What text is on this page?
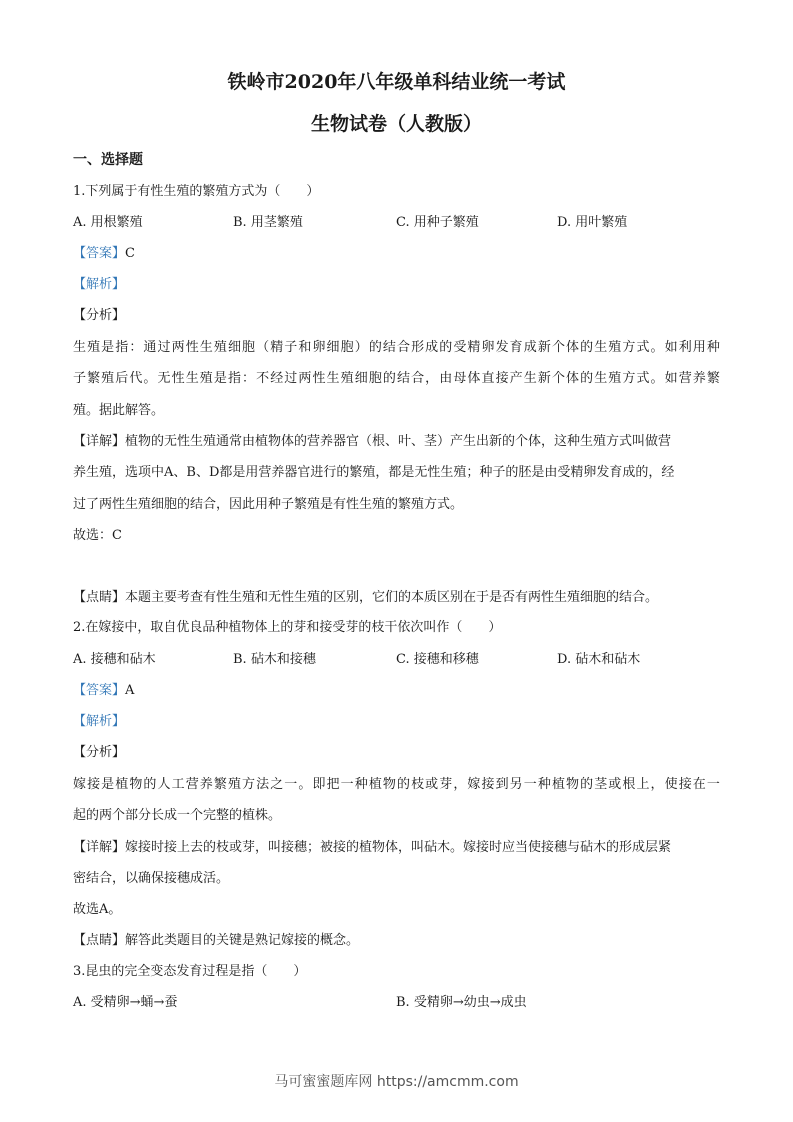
铁岭市2020年八年级单科结业统一考试
生物试卷（人教版）
一、选择题
1.下列属于有性生殖的繁殖方式为（　　）
A. 用根繁殖	B. 用茎繁殖	C. 用种子繁殖	D. 用叶繁殖
【答案】C
【解析】
【分析】
生殖是指：通过两性生殖细胞（精子和卵细胞）的结合形成的受精卵发育成新个体的生殖方式。如利用种
子繁殖后代。无性生殖是指：不经过两性生殖细胞的结合，由母体直接产生新个体的生殖方式。如营养繁
殖。据此解答。
【详解】植物的无性生殖通常由植物体的营养器官（根、叶、茎）产生出新的个体，这种生殖方式叫做营
养生殖，选项中A、B、D都是用营养器官进行的繁殖，都是无性生殖；种子的胚是由受精卵发育成的，经
过了两性生殖细胞的结合，因此用种子繁殖是有性生殖的繁殖方式。
故选：C
【点睛】本题主要考查有性生殖和无性生殖的区别，它们的本质区别在于是否有两性生殖细胞的结合。
2.在嫁接中，取自优良品种植物体上的芽和接受芽的枝干依次叫作（　　）
A. 接穗和砧木	B. 砧木和接穗	C. 接穗和移穗	D. 砧木和砧木
【答案】A
【解析】
【分析】
嫁接是植物的人工营养繁殖方法之一。即把一种植物的枝或芽，嫁接到另一种植物的茎或根上，使接在一
起的两个部分长成一个完整的植株。
【详解】嫁接时接上去的枝或芽，叫接穗；被接的植物体，叫砧木。嫁接时应当使接穗与砧木的形成层紧
密结合，以确保接穗成活。
故选A。
【点睛】解答此类题目的关键是熟记嫁接的概念。
3.昆虫的完全变态发育过程是指（　　）
A. 受精卵→蛹→蚕	B. 受精卵→幼虫→成虫
马可蜜蜜题库网 https://amcmm.com
